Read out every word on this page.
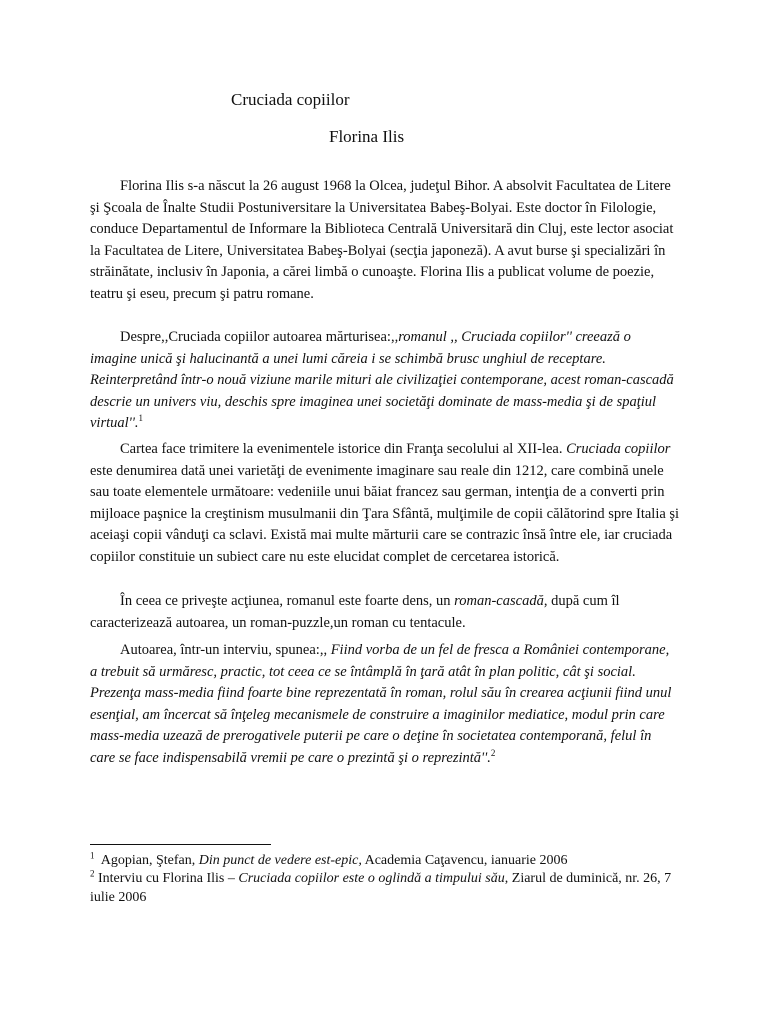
Cruciada copiilor
Florina Ilis

Florina Ilis s-a născut la 26 august 1968 la Olcea, judeţul Bihor. A absolvit Facultatea de Litere şi Şcoala de Înalte Studii Postuniversitare la Universitatea Babeş-Bolyai. Este doctor în Filologie, conduce Departamentul de Informare la Biblioteca Centrală Universitară din Cluj, este lector asociat la Facultatea de Litere, Universitatea Babeş-Bolyai (secţia japoneză). A avut burse şi specializări în străinătate, inclusiv în Japonia, a cărei limbă o cunoaşte. Florina Ilis a publicat volume de poezie, teatru şi eseu, precum şi patru romane.

Despre,,Cruciada copiilor autoarea mărturisea:,,romanul ,, Cruciada copiilor'' creează o imagine unică şi halucinantă a unei lumi căreia i se schimbă brusc unghiul de receptare. Reinterpretând într-o nouă viziune marile mituri ale civilizaţiei contemporane, acest roman-cascadă descrie un univers viu, deschis spre imaginea unei societăţi dominate de mass-media şi de spaţiul virtual''.$^1$

Cartea face trimitere la evenimentele istorice din Franţa secolului al XII-lea. Cruciada copiilor este denumirea dată unei varietăţi de evenimente imaginare sau reale din 1212, care combină unele sau toate elementele următoare: vedeniile unui băiat francez sau german, intenţia de a converti prin mijloace paşnice la creştinism musulmanii din Ţara Sfântă, mulţimile de copii călătorind spre Italia şi aceiaşi copii vânduţi ca sclavi. Există mai multe mărturii care se contrazic însă între ele, iar cruciada copiilor constituie un subiect care nu este elucidat complet de cercetarea istorică.

În ceea ce priveşte acţiunea, romanul este foarte dens, un roman-cascadă, după cum îl caracterizează autoarea, un roman-puzzle,un roman cu tentacule.

Autoarea, într-un interviu, spunea:,, Fiind vorba de un fel de fresca a României contemporane, a trebuit să urmăresc, practic, tot ceea ce se întâmplă în ţară atât în plan politic, cât şi social. Prezenţa mass-media fiind foarte bine reprezentată în roman, rolul său în crearea acţiunii fiind unul esenţial, am încercat să înţeleg mecanismele de construire a imaginilor mediatice, modul prin care mass-media uzează de prerogativele puterii pe care o deţine în societatea contemporană, felul în care se face indispensabilă vremii pe care o prezintă şi o reprezintă''.$^2$

$^1$ Agopian, Ştefan, Din punct de vedere est-epic, Academia Caţavencu, ianuarie 2006

$^2$ Interviu cu Florina Ilis – Cruciada copiilor este o oglindă a timpului său, Ziarul de duminică, nr. 26, 7 iulie 2006
